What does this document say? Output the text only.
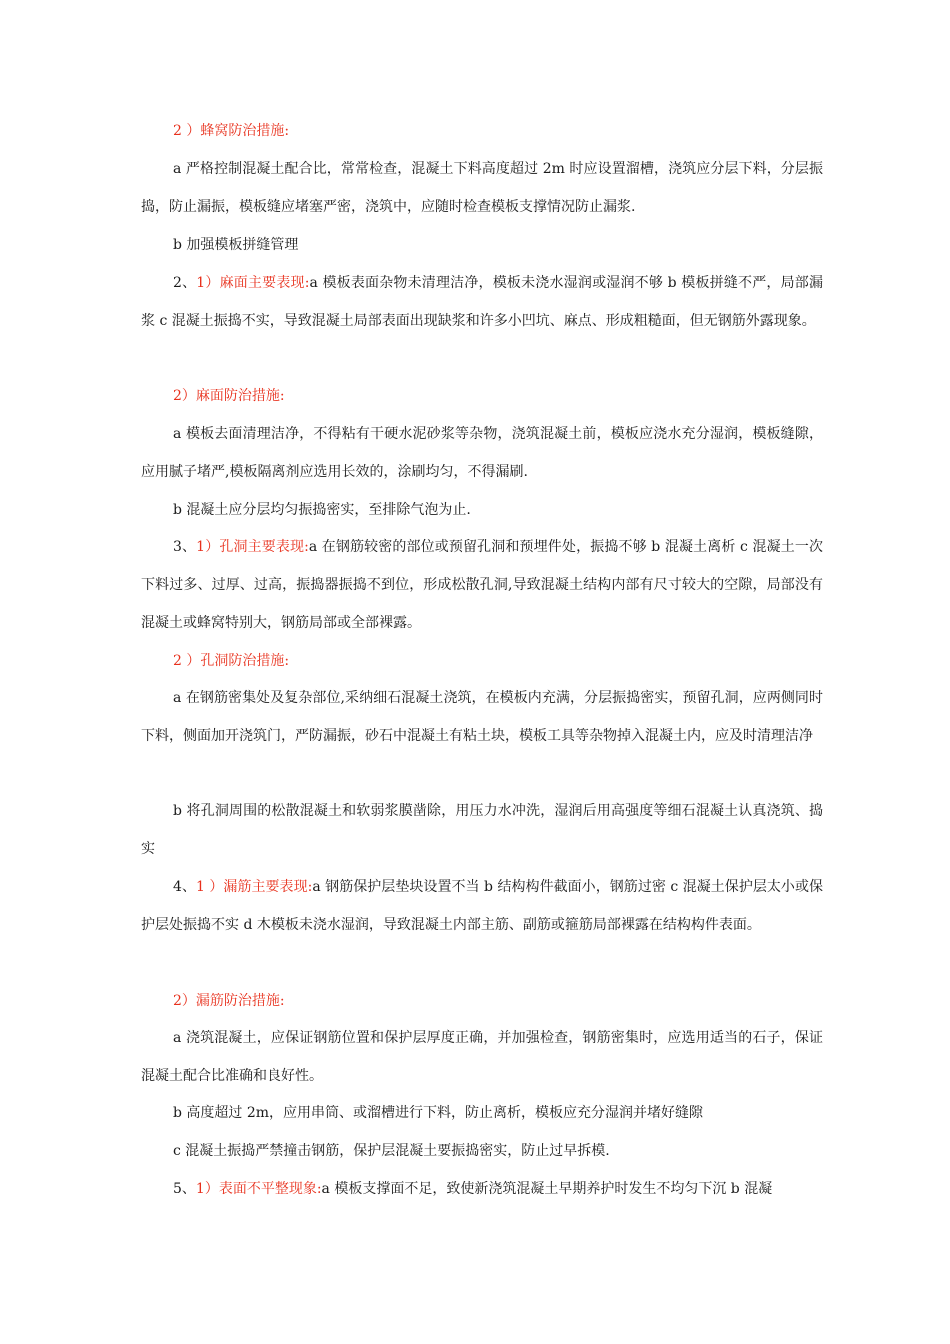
2 ）蜂窝防治措施:

a 严格控制混凝土配合比，常常检查，混凝土下料高度超过 2m 时应设置溜槽，浇筑应分层下料，分层振捣，防止漏振，模板缝应堵塞严密，浇筑中，应随时检查模板支撑情况防止漏浆.

b 加强模板拼缝管理

2、1）麻面主要表现:a 模板表面杂物未清理洁净，模板未浇水湿润或湿润不够 b 模板拼缝不严，局部漏浆 c 混凝土振捣不实，导致混凝土局部表面出现缺浆和许多小凹坑、麻点、形成粗糙面，但无钢筋外露现象。

2）麻面防治措施:

a 模板去面清理洁净，不得粘有干硬水泥砂浆等杂物，浇筑混凝土前，模板应浇水充分湿润，模板缝隙，应用腻子堵严,模板隔离剂应选用长效的，涂刷均匀，不得漏刷.

b 混凝土应分层均匀振捣密实，至排除气泡为止.

3、1）孔洞主要表现:a 在钢筋较密的部位或预留孔洞和预埋件处，振捣不够 b 混凝土离析 c 混凝土一次下料过多、过厚、过高，振捣器振捣不到位，形成松散孔洞,导致混凝土结构内部有尺寸较大的空隙，局部没有混凝土或蜂窝特别大，钢筋局部或全部裸露。

2 ）孔洞防治措施:

a 在钢筋密集处及复杂部位,采纳细石混凝土浇筑，在模板内充满，分层振捣密实，预留孔洞，应两侧同时下料，侧面加开浇筑门，严防漏振，砂石中混凝土有粘土块，模板工具等杂物掉入混凝土内，应及时清理洁净

b 将孔洞周围的松散混凝土和软弱浆膜凿除，用压力水冲洗，湿润后用高强度等细石混凝土认真浇筑、捣实

4、1 ）漏筋主要表现:a 钢筋保护层垫块设置不当 b 结构构件截面小，钢筋过密 c 混凝土保护层太小或保护层处振捣不实 d 木模板未浇水湿润，导致混凝土内部主筋、副筋或箍筋局部裸露在结构构件表面。

2）漏筋防治措施:

a 浇筑混凝土，应保证钢筋位置和保护层厚度正确，并加强检查，钢筋密集时，应选用适当的石子，保证混凝土配合比准确和良好性。

b 高度超过 2m，应用串筒、或溜槽进行下料，防止离析，模板应充分湿润并堵好缝隙

c 混凝土振捣严禁撞击钢筋，保护层混凝土要振捣密实，防止过早拆模.

5、1）表面不平整现象:a 模板支撑面不足，致使新浇筑混凝土早期养护时发生不均匀下沉 b 混凝
